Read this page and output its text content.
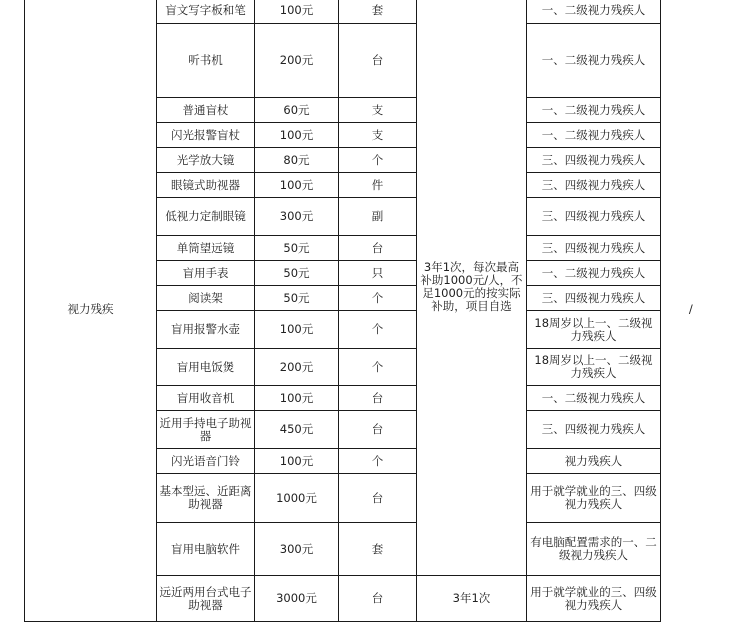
视力残疾	盲文写字板和笔	100元	套	3年1次，每次最高补助1000元/人，不足1000元的按实际补助，项目自选	一、二级视力残疾人	/
	听书机	200元	台		一、二级视力残疾人	
	普通盲杖	60元	支		一、二级视力残疾人	
	闪光报警盲杖	100元	支		一、二级视力残疾人	
	光学放大镜	80元	个		三、四级视力残疾人	
	眼镜式助视器	100元	件		三、四级视力残疾人	
	低视力定制眼镜	300元	副		三、四级视力残疾人	
	单筒望远镜	50元	台		三、四级视力残疾人	
	盲用手表	50元	只		一、二级视力残疾人	
	阅读架	50元	个		三、四级视力残疾人	
	盲用报警水壶	100元	个		18周岁以上一、二级视力残疾人	
	盲用电饭煲	200元	个		18周岁以上一、二级视力残疾人	
	盲用收音机	100元	台		一、二级视力残疾人	
	近用手持电子助视器	450元	台		三、四级视力残疾人	
	闪光语音门铃	100元	个		视力残疾人	
	基本型远、近距离助视器	1000元	台		用于就学就业的三、四级视力残疾人	
	盲用电脑软件	300元	套		有电脑配置需求的一、二级视力残疾人	
	远近两用台式电子助视器	3000元	台	3年1次	用于就学就业的三、四级视力残疾人	
